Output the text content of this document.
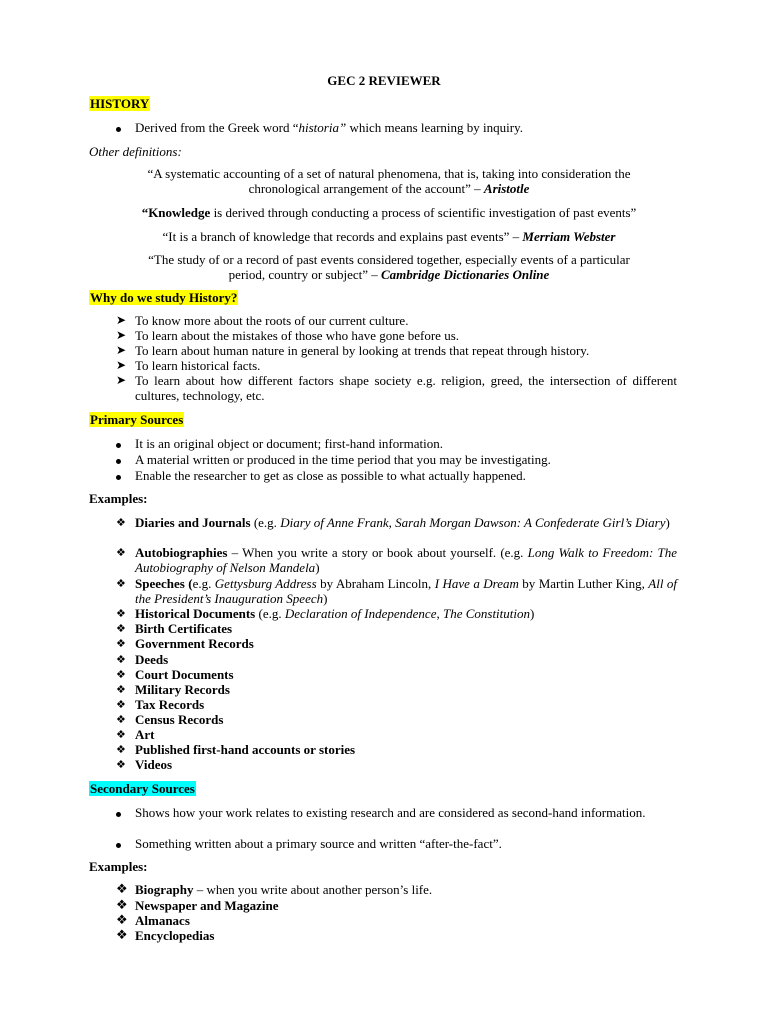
GEC 2 REVIEWER
HISTORY
Derived from the Greek word “historia” which means learning by inquiry.
Other definitions:
“A systematic accounting of a set of natural phenomena, that is, taking into consideration the
chronological arrangement of the account” – Aristotle
“Knowledge is derived through conducting a process of scientific investigation of past events”
“It is a branch of knowledge that records and explains past events” – Merriam Webster
“The study of or a record of past events considered together, especially events of a particular
period, country or subject” – Cambridge Dictionaries Online
Why do we study History?
➤ To know more about the roots of our current culture.
➤ To learn about the mistakes of those who have gone before us.
➤ To learn about human nature in general by looking at trends that repeat through history.
➤ To learn historical facts.
➤ To learn about how different factors shape society e.g. religion, greed, the intersection of different cultures, technology, etc.
Primary Sources
It is an original object or document; first-hand information.
A material written or produced in the time period that you may be investigating.
Enable the researcher to get as close as possible to what actually happened.
Examples:
❖ Diaries and Journals (e.g. Diary of Anne Frank, Sarah Morgan Dawson: A Confederate Girl’s Diary)
❖ Autobiographies – When you write a story or book about yourself. (e.g. Long Walk to Freedom: The Autobiography of Nelson Mandela)
❖ Speeches (e.g. Gettysburg Address by Abraham Lincoln, I Have a Dream by Martin Luther King, All of the President’s Inauguration Speech)
❖ Historical Documents (e.g. Declaration of Independence, The Constitution)
❖ Birth Certificates
❖ Government Records
❖ Deeds
❖ Court Documents
❖ Military Records
❖ Tax Records
❖ Census Records
❖ Art
❖ Published first-hand accounts or stories
❖ Videos
Secondary Sources
Shows how your work relates to existing research and are considered as second-hand information.
Something written about a primary source and written “after-the-fact”.
Examples:
❖ Biography – when you write about another person’s life.
❖ Newspaper and Magazine
❖ Almanacs
❖ Encyclopedias
